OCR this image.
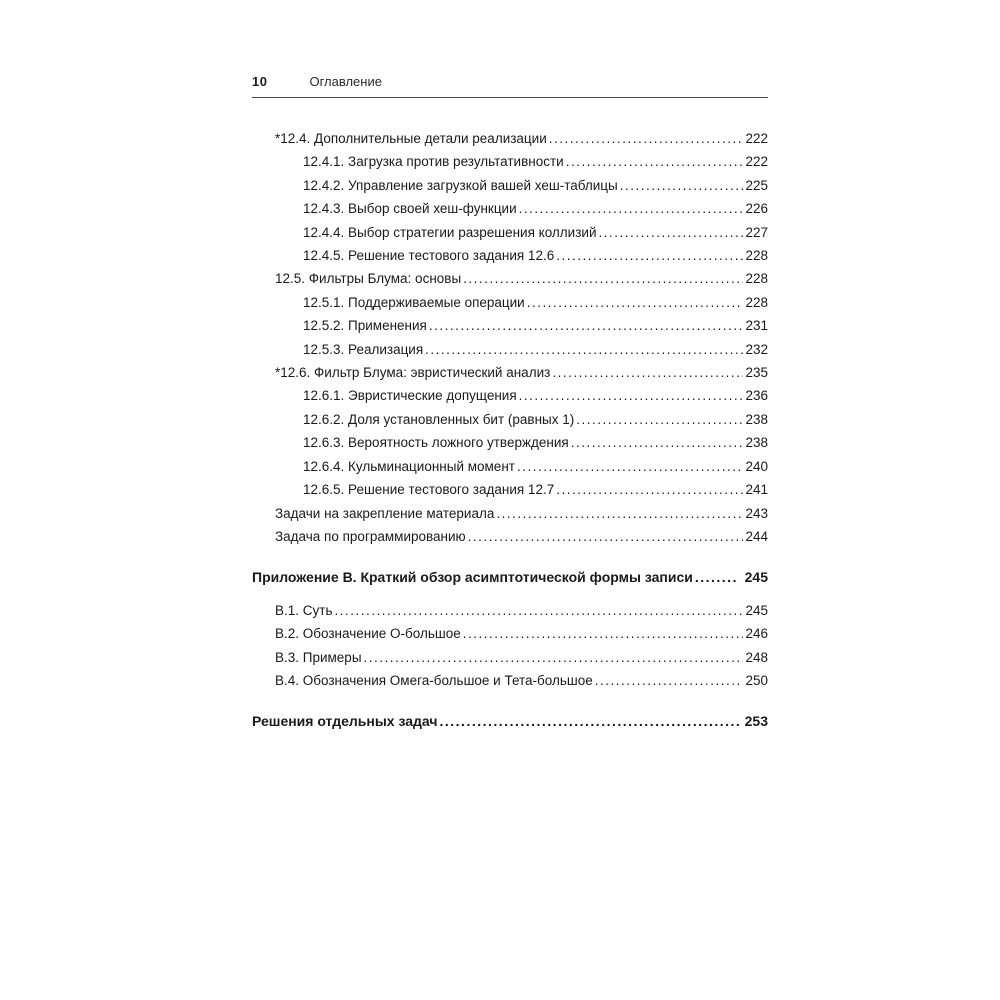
10	Оглавление
*12.4. Дополнительные детали реализации .....	222
12.4.1. Загрузка против результативности .....	222
12.4.2. Управление загрузкой вашей хеш-таблицы .....	225
12.4.3. Выбор своей хеш-функции .....	226
12.4.4. Выбор стратегии разрешения коллизий .....	227
12.4.5. Решение тестового задания 12.6 .....	228
12.5. Фильтры Блума: основы .....	228
12.5.1. Поддерживаемые операции .....	228
12.5.2. Применения .....	231
12.5.3. Реализация .....	232
*12.6. Фильтр Блума: эвристический анализ .....	235
12.6.1. Эвристические допущения .....	236
12.6.2. Доля установленных бит (равных 1) .....	238
12.6.3. Вероятность ложного утверждения .....	238
12.6.4. Кульминационный момент .....	240
12.6.5. Решение тестового задания 12.7 .....	241
Задачи на закрепление материала .....	243
Задача по программированию .....	244
Приложение В. Краткий обзор асимптотической формы записи .....	245
В.1. Суть .....	245
В.2. Обозначение О-большое .....	246
В.3. Примеры .....	248
В.4. Обозначения Омега-большое и Тета-большое .....	250
Решения отдельных задач .....	253
